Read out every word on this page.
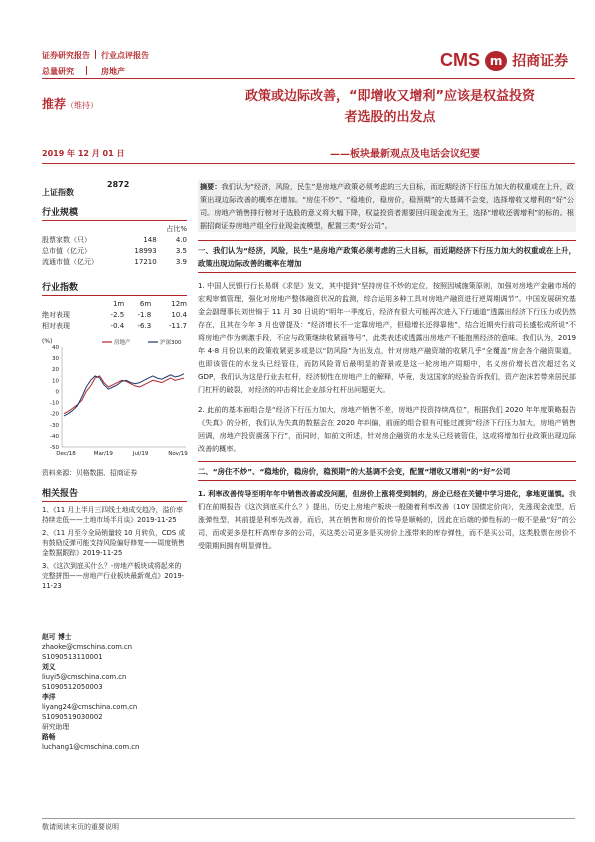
证券研究报告 行业点评报告
总量研究	房地产
CMS m 招商证券
推荐（维持）
政策或边际改善，“即增收又增利”应该是权益投资
者选股的出发点
2019 年 12 月 01 日	——板块最新观点及电话会议纪要
上证指数
2872
行业规模
		占比%
股票家数（只）	148	4.0
总市值（亿元）	18993	3.5
流通市值（亿元）	17210	3.9
行业指数
	1m	6m	12m
绝对表现	-2.5	-1.8	10.4
相对表现	-0.4	-6.3	-11.7
(%)
40
30
20
10
0
-10
-20
-30
-40
-50
Dec/18	Mar/19	Jul/19	Nov/19
房地产	沪深300
资料来源：贝格数据、招商证券
相关报告
1、《11 月上半月三四线土地成交趋冷，溢价率持续走低——土地市场半月谈》2019-11-25
2、《11 月至今全局销量较 10 月转负，CDS 或有鼓励反弹可能支持风险偏好修复——周度销售金数据跟踪》2019-11-25
3、《这次到底买什么？-房地产板块成将起来的完整拼图——房地产行业板块最新观点》2019-11-23
赵可 博士
zhaoke@cmschina.com.cn
S1090513110001
刘义
liuyi5@cmschina.com.cn
S1090512050003
李洋
liyang24@cmschina.com.cn
S1090519030002
研究助理
路畅
luchang1@cmschina.com.cn

摘要：我们认为“经济，风险，民生”是房地产政策必须考虑的三大目标，而近期经济下行压力加大的权重或在上升，政策出现边际改善的概率在增加。“房住不炒”、“稳地价，稳房价，稳预期”的大基调不会变，选择增收又增利的“好”公司。房地产销售排行榜对于选股的意义将大幅下降，权益投资者需要回归现金流为王，选择“增收还需增利”的标的。根据招商证券房地产组全行业现金流模型，配置三类“好公司”。

一、我们认为“经济，风险，民生”是房地产政策必须考虑的三大目标，而近期经济下行压力加大的权重或在上升，政策出现边际改善的概率在增加

1. 中国人民银行行长易纲《求是》发文，其中提到“坚持房住不炒的定位，按照因城施策原则，加强对房地产金融市场的宏观审慎管理，强化对房地产整体融资状况的监测，综合运用多种工具对房地产融资进行逆周期调节”。中国发展研究基金会副理事长刘世锦于 11 月 30 日说的“明年一季度后，经济有很大可能再次进入下行通道”透露出经济下行压力或仍然存在，且其在今年 3 月也曾提及：“经济增长不一定靠房地产，但稳增长还得靠他”，结合近期央行前司长盛松成所说“不将房地产作为刺激手段，不应与政策继续收紧画等号”，此类表述或透露出房地产不能抱黑经济的意味。我们认为，2019 年 4-8 月份以来的政策收紧更多或是以“防风险”为出发点，针对房地产融资端的收紧几乎“全覆盖”房企各个融资渠道，也即该管住的水龙头已经管住，而防风险背后最明显的背景或是这一轮房地产周期中，名义房价增长首次超过名义 GDP，我们认为这是行业去杠杆，经济韧性在房地产上的解释，毕竟，发这国家的经验告诉我们，资产泡沫若带来居民部门杠杆的破裂，对经济的冲击将比企业部分杠杆出问题更大。

2. 此前的基本面组合是“经济下行压力加大，房地产销售不差，房地产投资持续高位”，根据我们 2020 年年度策略报告《失真》的分析，我们认为失真的数据会在 2020 年纠偏，前面的组合很有可能过渡到“经济下行压力加大，房地产销售回调，房地产投资震荡下行”，而同时，如前文所述，针对房企融资的水龙头已经被管住，这或将增加行业政策出现边际改善的概率。

二、“房住不炒”、“稳地价，稳房价，稳预期”的大基调不会变，配置“增收又增利”的“好”公司

1. 利率改善传导至明年年中销售改善或没问题，但房价上涨将受到制约，房企已经在关键中学习进化，拿地更谨慎。我们在前期报告《这次到底买什么？》提出，历史上房地产板块一般随着利率改善（10Y 国债定价向），先涨现金流型，后涨弹性型，其前提是利率先改善，而后，其在销售和房价的传导是顺畅的，因此在后端的弹性标的一般不是最“好”的公司，而或更多是杠杆高库存多的公司，买这类公司更多是买房价上涨带来的库存弹性，而不是买公司，这类股票在房价不受限期间拥有明显弹性。

敬请阅读末页的重要说明
